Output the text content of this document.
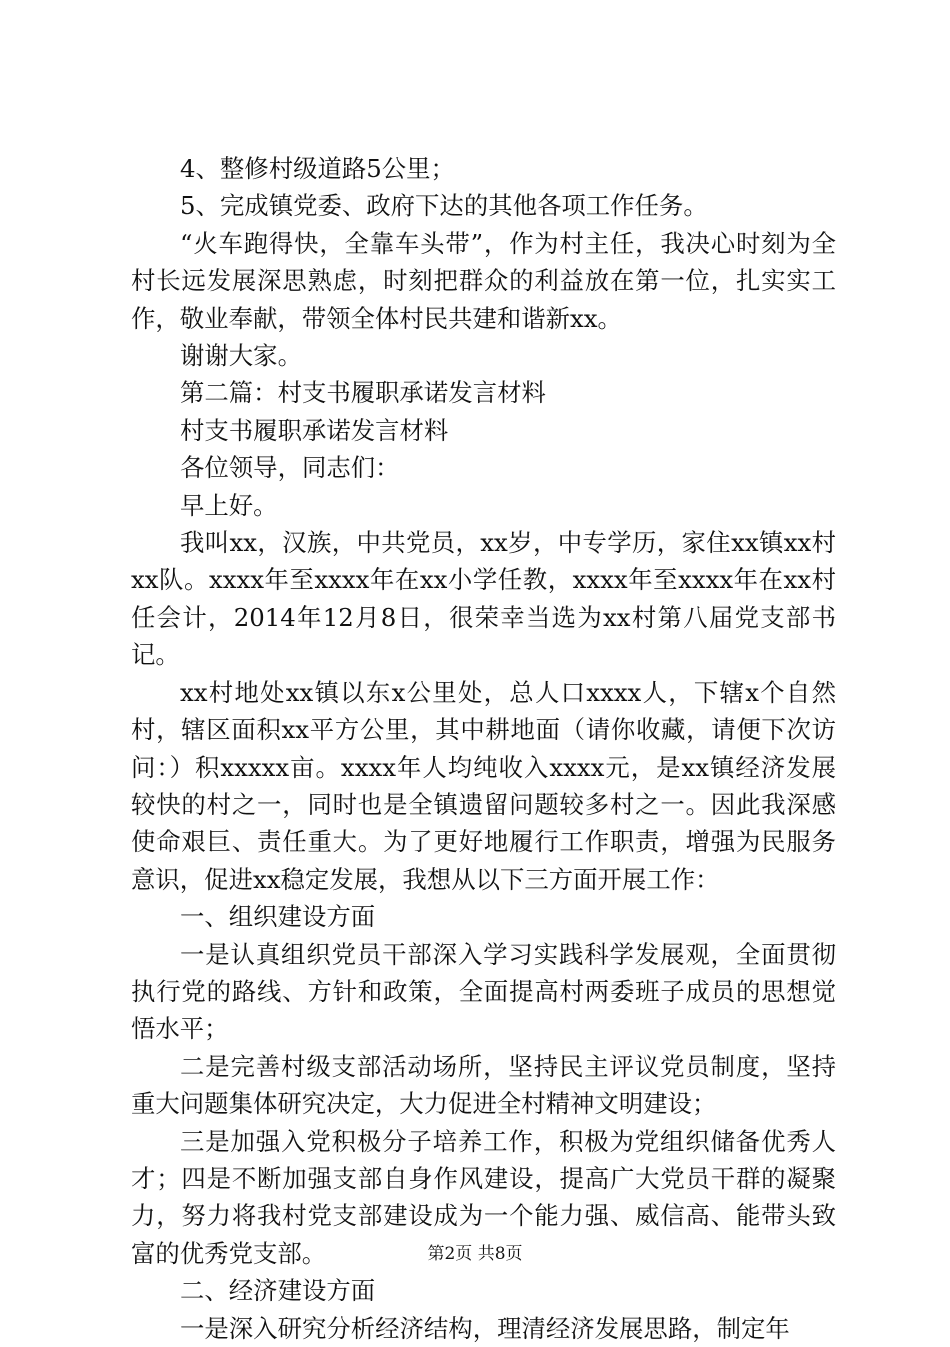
4、整修村级道路5公里；

5、完成镇党委、政府下达的其他各项工作任务。

“火车跑得快，全靠车头带”，作为村主任，我决心时刻为全村长远发展深思熟虑，时刻把群众的利益放在第一位，扎实实工作，敬业奉献，带领全体村民共建和谐新xx。

谢谢大家。

第二篇：村支书履职承诺发言材料

村支书履职承诺发言材料

各位领导，同志们：

早上好。

我叫xx，汉族，中共党员，xx岁，中专学历，家住xx镇xx村xx队。xxxx年至xxxx年在xx小学任教，xxxx年至xxxx年在xx村任会计，2014年12月8日，很荣幸当选为xx村第八届党支部书记。

xx村地处xx镇以东x公里处，总人口xxxx人，下辖x个自然村，辖区面积xx平方公里，其中耕地面（请你收藏，请便下次访问：）积xxxxx亩。xxxx年人均纯收入xxxx元，是xx镇经济发展较快的村之一，同时也是全镇遗留问题较多村之一。因此我深感使命艰巨、责任重大。为了更好地履行工作职责，增强为民服务意识，促进xx稳定发展，我想从以下三方面开展工作：

一、组织建设方面

一是认真组织党员干部深入学习实践科学发展观，全面贯彻执行党的路线、方针和政策，全面提高村两委班子成员的思想觉悟水平；

二是完善村级支部活动场所，坚持民主评议党员制度，坚持重大问题集体研究决定，大力促进全村精神文明建设；

三是加强入党积极分子培养工作，积极为党组织储备优秀人才；四是不断加强支部自身作风建设，提高广大党员干群的凝聚力，努力将我村党支部建设成为一个能力强、威信高、能带头致富的优秀党支部。

二、经济建设方面

一是深入研究分析经济结构，理清经济发展思路，制定年

第2页 共8页
